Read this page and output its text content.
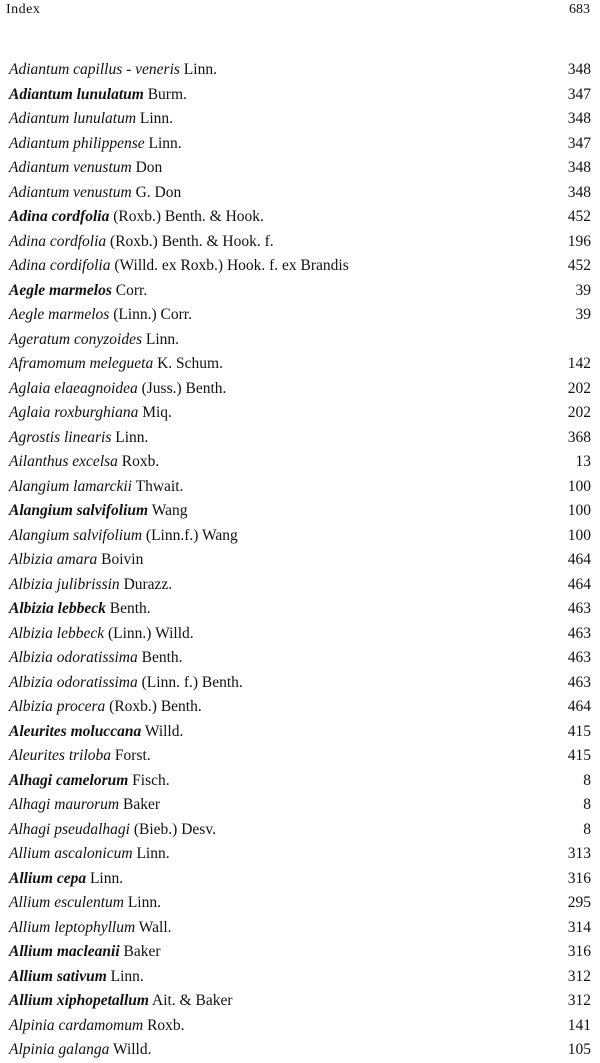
Index	683
Adiantum capillus - veneris Linn.	348
Adiantum lunulatum Burm.	347
Adiantum lunulatum Linn.	348
Adiantum philippense Linn.	347
Adiantum venustum Don	348
Adiantum venustum G. Don	348
Adina cordfolia (Roxb.) Benth. & Hook.	452
Adina cordfolia (Roxb.) Benth. & Hook. f.	196
Adina cordifolia (Willd. ex Roxb.) Hook. f. ex Brandis	452
Aegle marmelos Corr.	39
Aegle marmelos (Linn.) Corr.	39
Ageratum conyzoides Linn.
Aframomum melegueta K. Schum.	142
Aglaia elaeagnoidea (Juss.) Benth.	202
Aglaia roxburghiana Miq.	202
Agrostis linearis Linn.	368
Ailanthus excelsa Roxb.	13
Alangium lamarckii Thwait.	100
Alangium salvifolium Wang	100
Alangium salvifolium (Linn.f.) Wang	100
Albizia amara Boivin	464
Albizia julibrissin Durazz.	464
Albizia lebbeck Benth.	463
Albizia lebbeck (Linn.) Willd.	463
Albizia odoratissima Benth.	463
Albizia odoratissima (Linn. f.) Benth.	463
Albizia procera (Roxb.) Benth.	464
Aleurites moluccana Willd.	415
Aleurites triloba Forst.	415
Alhagi camelorum Fisch.	8
Alhagi maurorum Baker	8
Alhagi pseudalhagi (Bieb.) Desv.	8
Allium ascalonicum Linn.	313
Allium cepa Linn.	316
Allium esculentum Linn.	295
Allium leptophyllum Wall.	314
Allium macleanii Baker	316
Allium sativum Linn.	312
Allium xiphopetallum Ait. & Baker	312
Alpinia cardamomum Roxb.	141
Alpinia galanga Willd.	105
